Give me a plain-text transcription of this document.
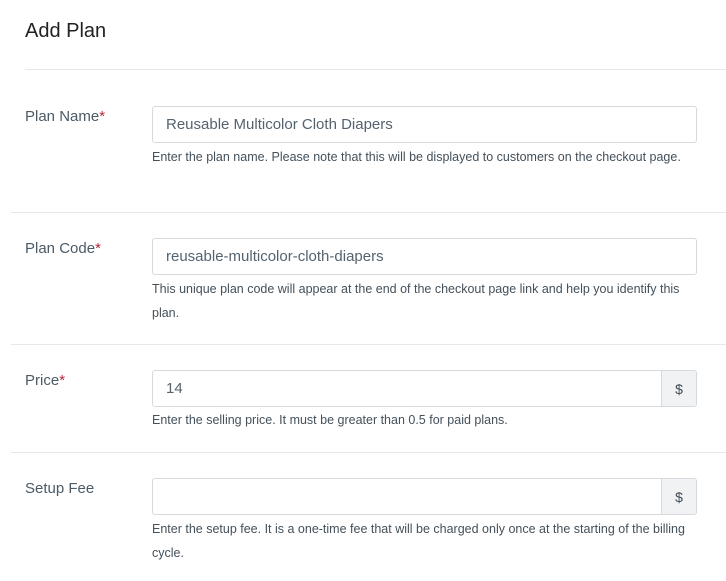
Add Plan
Plan Name*
Reusable Multicolor Cloth Diapers
Enter the plan name. Please note that this will be displayed to customers on the checkout page.
Plan Code*
reusable-multicolor-cloth-diapers
This unique plan code will appear at the end of the checkout page link and help you identify this plan.
Price*
14	$
Enter the selling price. It must be greater than 0.5 for paid plans.
Setup Fee	$
Enter the setup fee. It is a one-time fee that will be charged only once at the starting of the billing cycle.
